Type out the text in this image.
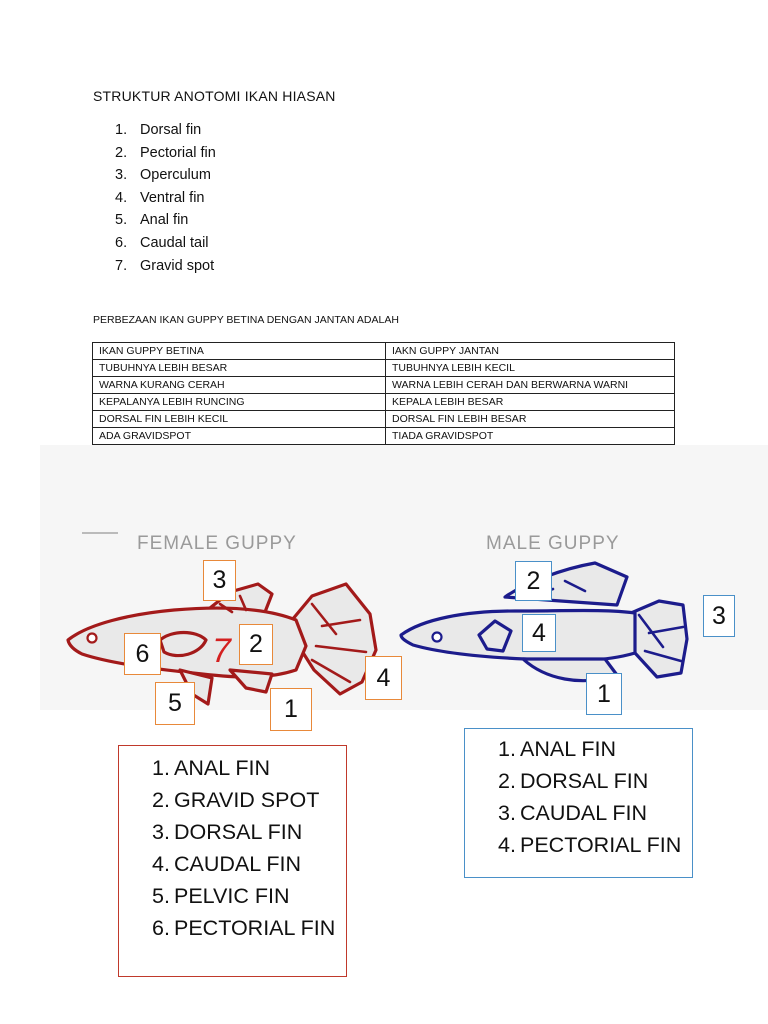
STRUKTUR ANOTOMI IKAN HIASAN
1. Dorsal fin
2. Pectorial fin
3. Operculum
4. Ventral fin
5. Anal fin
6. Caudal tail
7. Gravid spot
PERBEZAAN IKAN GUPPY BETINA DENGAN JANTAN ADALAH
IKAN GUPPY BETINA	IAKN GUPPY JANTAN
TUBUHNYA LEBIH BESAR	TUBUHNYA LEBIH KECIL
WARNA KURANG CERAH	WARNA LEBIH CERAH DAN BERWARNA WARNI
KEPALANYA LEBIH RUNCING	KEPALA LEBIH BESAR
DORSAL FIN LEBIH KECIL	DORSAL FIN LEBIH BESAR
ADA GRAVIDSPOT	TIADA GRAVIDSPOT
FEMALE GUPPY	MALE GUPPY
7
3
6	2
4
5	1
2
4
3
1
1. ANAL FIN
2. GRAVID SPOT
3. DORSAL FIN
4. CAUDAL FIN
5. PELVIC FIN
6. PECTORIAL FIN
1. ANAL FIN
2. DORSAL FIN
3. CAUDAL FIN
4. PECTORIAL FIN
